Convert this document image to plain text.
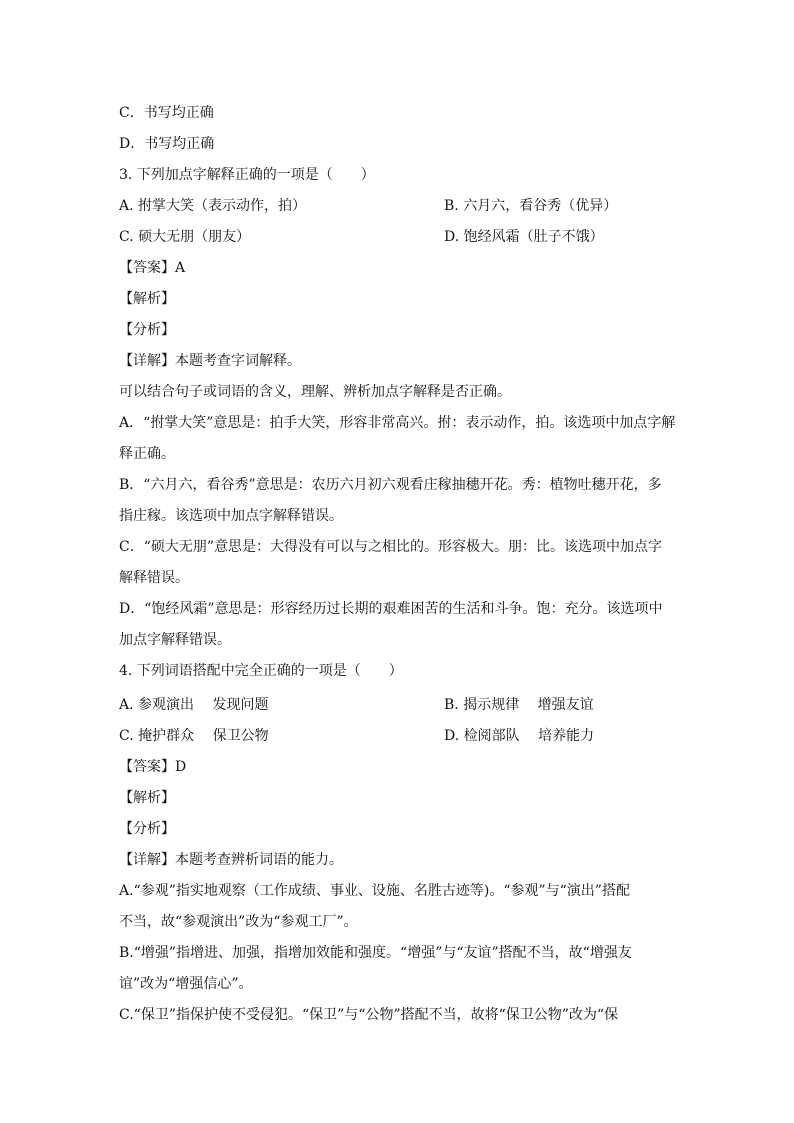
C．书写均正确
D．书写均正确
3. 下列加点字解释正确的一项是（　　）
A. 拊掌大笑（表示动作，拍）	B. 六月六，看谷秀（优异）
C. 硕大无朋（朋友）	D. 饱经风霜（肚子不饿）
【答案】A
【解析】
【分析】
【详解】本题考查字词解释。
可以结合句子或词语的含义，理解、辨析加点字解释是否正确。
A．“拊掌大笑”意思是：拍手大笑，形容非常高兴。拊：表示动作，拍。该选项中加点字解
释正确。
B．“六月六，看谷秀”意思是：农历六月初六观看庄稼抽穗开花。秀：植物吐穗开花，多
指庄稼。该选项中加点字解释错误。
C．“硕大无朋”意思是：大得没有可以与之相比的。形容极大。朋：比。该选项中加点字
解释错误。
D．“饱经风霜”意思是：形容经历过长期的艰难困苦的生活和斗争。饱：充分。该选项中
加点字解释错误。
4. 下列词语搭配中完全正确的一项是（　　）
A. 参观演出　 发现问题	B. 揭示规律　 增强友谊
C. 掩护群众　 保卫公物	D. 检阅部队　 培养能力
【答案】D
【解析】
【分析】
【详解】本题考查辨析词语的能力。
A.“参观”指实地观察（工作成绩、事业、设施、名胜古迹等)。“参观”与“演出”搭配
不当，故“参观演出”改为“参观工厂”。
B.“增强”指增进、加强，指增加效能和强度。“增强”与“友谊”搭配不当，故“增强友
谊”改为“增强信心”。
C.“保卫”指保护使不受侵犯。“保卫”与“公物”搭配不当，故将“保卫公物”改为“保
